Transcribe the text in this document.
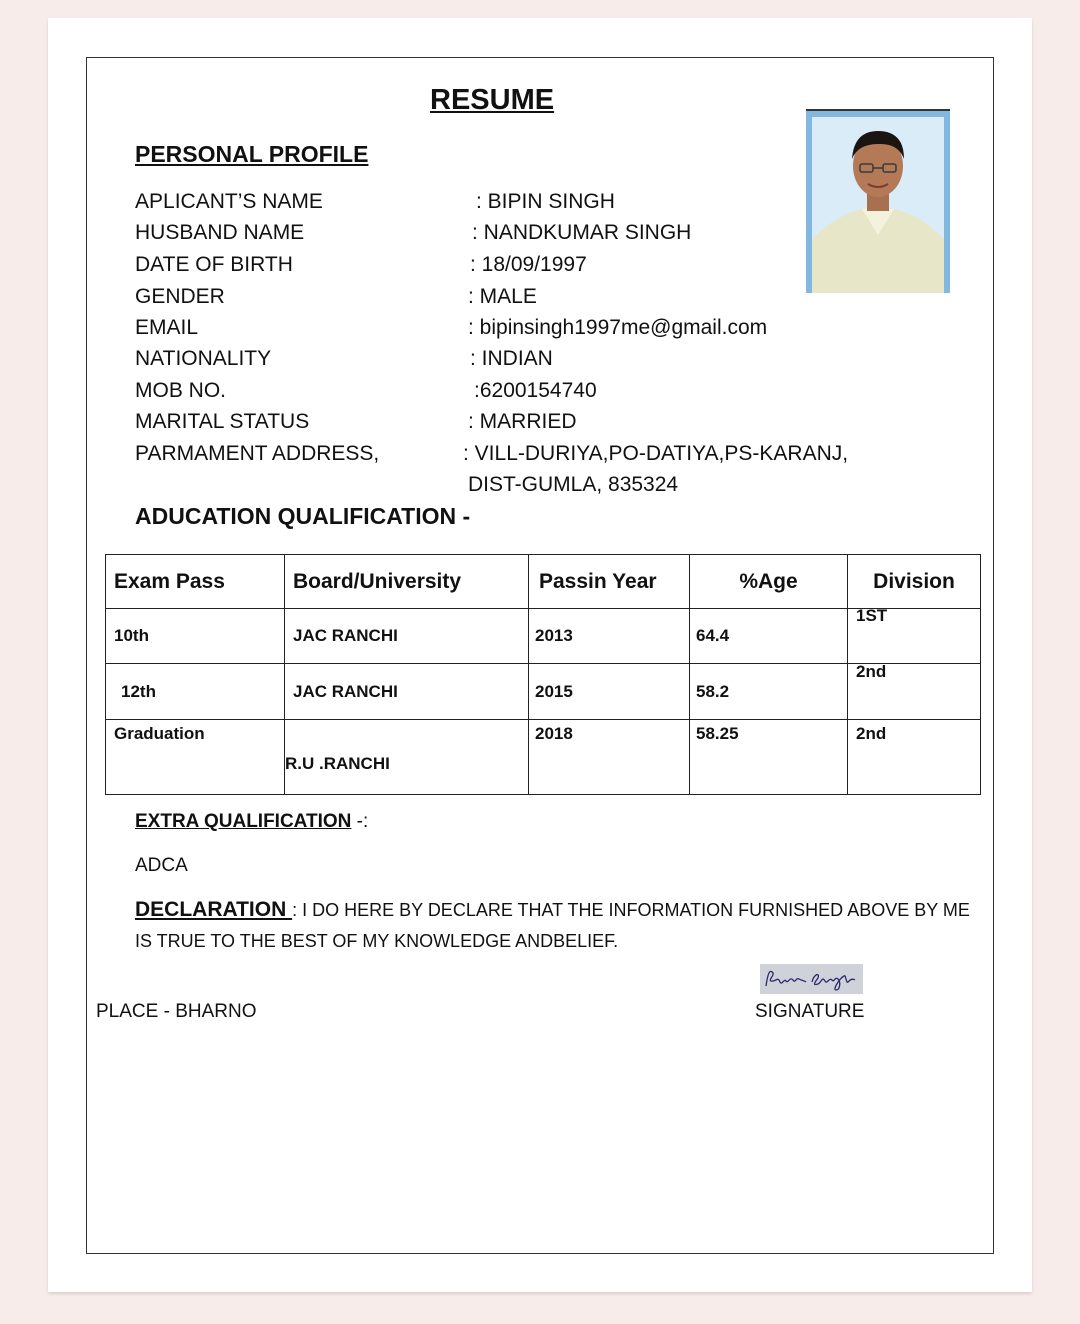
RESUME
PERSONAL PROFILE
APLICANT’S NAME	: BIPIN SINGH
HUSBAND NAME	: NANDKUMAR SINGH
DATE OF BIRTH	: 18/09/1997
GENDER	: MALE
EMAIL	: bipinsingh1997me@gmail.com
NATIONALITY	: INDIAN
MOB NO.	:6200154740
MARITAL STATUS	: MARRIED
PARMAMENT ADDRESS,	: VILL-DURIYA,PO-DATIYA,PS-KARANJ,
DIST-GUMLA, 835324
ADUCATION QUALIFICATION -
Exam Pass	Board/University	Passin Year	%Age	Division
10th	JAC RANCHI	2013	64.4	1ST
12th	JAC RANCHI	2015	58.2	2nd
Graduation	R.U .RANCHI	2018	58.25	2nd
EXTRA QUALIFICATION -:
ADCA
DECLARATION : I DO HERE BY DECLARE THAT THE INFORMATION FURNISHED ABOVE BY ME
IS TRUE TO THE BEST OF MY KNOWLEDGE ANDBELIEF.
PLACE - BHARNO	SIGNATURE
